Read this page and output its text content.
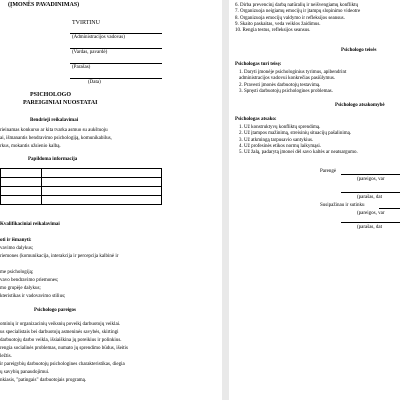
(ĮMONĖS PAVADINIMAS)
TVIRTINU
(Administracijos vadovas)
(Vardas, pavardė)
(Parašas)
(Data)
PSICHOLOGO
PAREIGINIAI NUOSTATAI
Bendrieji reikalavimai
rieinamas konkurso ar kita tvarka asmuo su aukštuoju
ai, išmanantis bendravimo psichologiją, komunikabilus,
rkus, mokantis užsienio kalbą.
Papildoma informacija

Kvalifikaciniai reikalavimai
oti ir išmanyti:
vavimo dalykus;
riemones (komunikacija, interakcija ir percepcija kalbinė ir
me psichologiją;
vavo bendravimo priemones;
mo grupėje dalykus;
kteristikas ir vadovavimo stilius;
Psichologo pareigos
ominių ir organizacinių veiksnių poveikį darbuotojų veiklai.
us specialistais bei darbuotojų asmeninės savybės, skirtingi
darbuotojų darbo veikla, išsiaiškina jų poreikius ir polinkius.
rengia socialinės problemas, numato jų sprendimo būdus, išeitis
ležtis.
ir pareigybių darbuotojų psichologines charakteristikas, diegia
ų savybių panaudojimui.
nkiasis, "patingais" darbuotojais programą.
6. Dirba prevencinį darbą natūralių ir neišvengiamų konfliktų
7. Organizuoja neigiamų emocijų ir įtampų slopinimo videotre
8. Organizuoja emocijų valdymo ir refleksijos seansus.
9. Skaito paskaitas, veda veiklos žaidimus.
10. Rengia testus, refleksijos seansus.
Psichologo teisės
Psichologas turi teisę:
1. Daryti įmonėje psichologinius tyrimus, apibendrint
administracijos vadovui konkrečias pasiūlymus.
2. Pravesti įmonės darbuotojų testavimą.
3. Spręsti darbuotojų psichologines problemas.
Psichologo atsakomybė
Psichologas atsako:
1. Už konstruktyvų konfliktų sprendimą.
2. Už įtampos mažinimą, streisinių situacijų pašalinimą.
3. Už atkmingą tarpusavio santykius.
4. Už profesinės etikos normų laikymąsi.
5. Už žalą, padarytą įmonei dėl savo kaltės ar neatsargumo.
Parengė
(pareigos, var
(parašas, dat
Susipažinau ir sutinku
(pareigos, var
(parašas, dat
